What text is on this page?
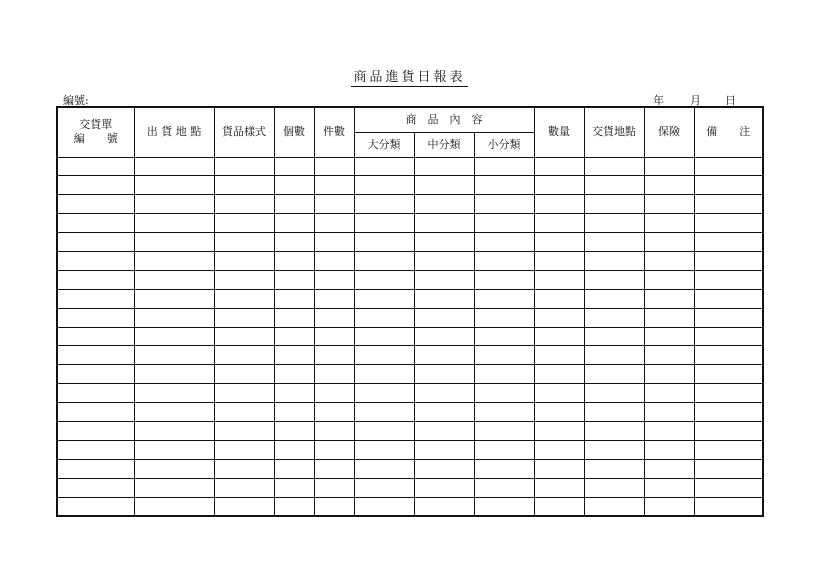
商品進貨日報表
編號:	年 月 日
交貨單
編　　號	出 貨 地 點	貨品樣式	個數	件數	商　品　內　容			數量	交貨地點	保險	備　　注
					大分類	中分類	小分類				
